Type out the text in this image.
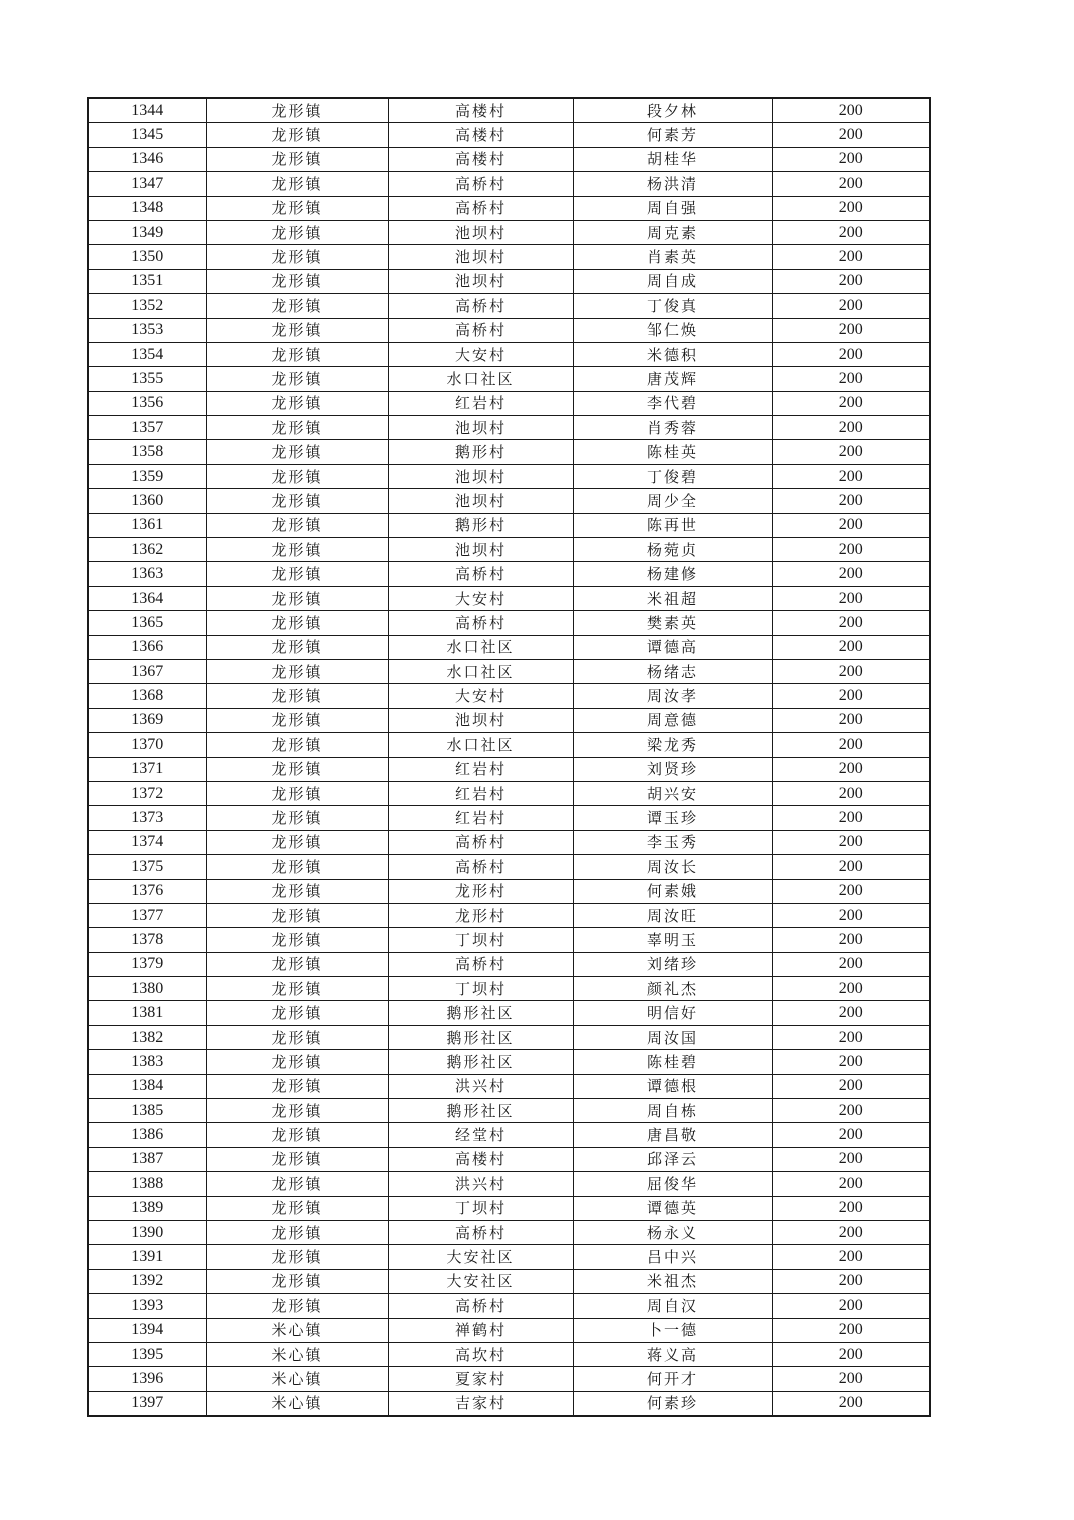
1344	龙形镇	高楼村	段夕林	200
1345	龙形镇	高楼村	何素芳	200
1346	龙形镇	高楼村	胡桂华	200
1347	龙形镇	高桥村	杨洪清	200
1348	龙形镇	高桥村	周自强	200
1349	龙形镇	池坝村	周克素	200
1350	龙形镇	池坝村	肖素英	200
1351	龙形镇	池坝村	周自成	200
1352	龙形镇	高桥村	丁俊真	200
1353	龙形镇	高桥村	邹仁焕	200
1354	龙形镇	大安村	米德积	200
1355	龙形镇	水口社区	唐茂辉	200
1356	龙形镇	红岩村	李代碧	200
1357	龙形镇	池坝村	肖秀蓉	200
1358	龙形镇	鹅形村	陈桂英	200
1359	龙形镇	池坝村	丁俊碧	200
1360	龙形镇	池坝村	周少全	200
1361	龙形镇	鹅形村	陈再世	200
1362	龙形镇	池坝村	杨菀贞	200
1363	龙形镇	高桥村	杨建修	200
1364	龙形镇	大安村	米祖超	200
1365	龙形镇	高桥村	樊素英	200
1366	龙形镇	水口社区	谭德高	200
1367	龙形镇	水口社区	杨绪志	200
1368	龙形镇	大安村	周汝孝	200
1369	龙形镇	池坝村	周意德	200
1370	龙形镇	水口社区	梁龙秀	200
1371	龙形镇	红岩村	刘贤珍	200
1372	龙形镇	红岩村	胡兴安	200
1373	龙形镇	红岩村	谭玉珍	200
1374	龙形镇	高桥村	李玉秀	200
1375	龙形镇	高桥村	周汝长	200
1376	龙形镇	龙形村	何素娥	200
1377	龙形镇	龙形村	周汝旺	200
1378	龙形镇	丁坝村	辜明玉	200
1379	龙形镇	高桥村	刘绪珍	200
1380	龙形镇	丁坝村	颜礼杰	200
1381	龙形镇	鹅形社区	明信好	200
1382	龙形镇	鹅形社区	周汝国	200
1383	龙形镇	鹅形社区	陈桂碧	200
1384	龙形镇	洪兴村	谭德根	200
1385	龙形镇	鹅形社区	周自栋	200
1386	龙形镇	经堂村	唐昌敬	200
1387	龙形镇	高楼村	邱泽云	200
1388	龙形镇	洪兴村	屈俊华	200
1389	龙形镇	丁坝村	谭德英	200
1390	龙形镇	高桥村	杨永义	200
1391	龙形镇	大安社区	吕中兴	200
1392	龙形镇	大安社区	米祖杰	200
1393	龙形镇	高桥村	周自汉	200
1394	米心镇	禅鹤村	卜一德	200
1395	米心镇	高坎村	蒋义高	200
1396	米心镇	夏家村	何开才	200
1397	米心镇	吉家村	何素珍	200
